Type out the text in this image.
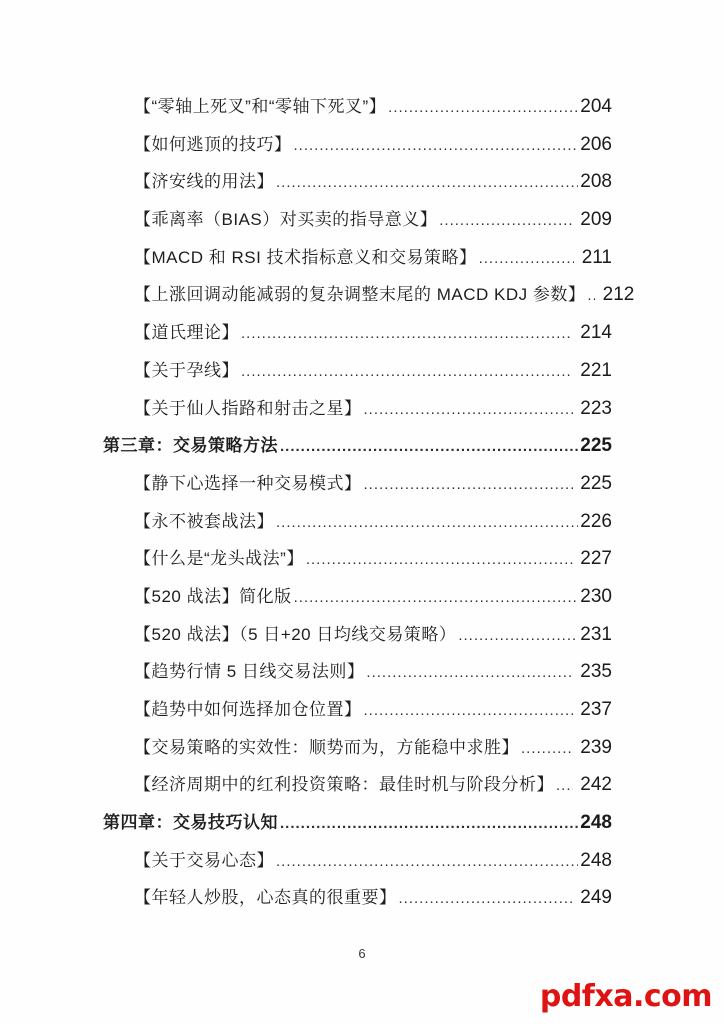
【“零轴上死叉”和“零轴下死叉”】 .....	204
【如何逃顶的技巧】 .....	206
【济安线的用法】 .....	208
【乖离率（BIAS）对买卖的指导意义】 .....	209
【MACD 和 RSI 技术指标意义和交易策略】 .....	211
【上涨回调动能减弱的复杂调整末尾的 MACD KDJ 参数】 ..... 212
【道氏理论】 .....	214
【关于孕线】 .....	221
【关于仙人指路和射击之星】 .....	223
第三章：交易策略方法 .....	225
【静下心选择一种交易模式】 .....	225
【永不被套战法】 .....	226
【什么是“龙头战法”】 .....	227
【520 战法】简化版 .....	230
【520 战法】（5 日+20 日均线交易策略） .....	231
【趋势行情 5 日线交易法则】 .....	235
【趋势中如何选择加仓位置】 .....	237
【交易策略的实效性：顺势而为，方能稳中求胜】 .....	239
【经济周期中的红利投资策略：最佳时机与阶段分析】 ..... 242
第四章：交易技巧认知 .....	248
【关于交易心态】 .....	248
【年轻人炒股，心态真的很重要】 .....	249
6
pdfxa.com
